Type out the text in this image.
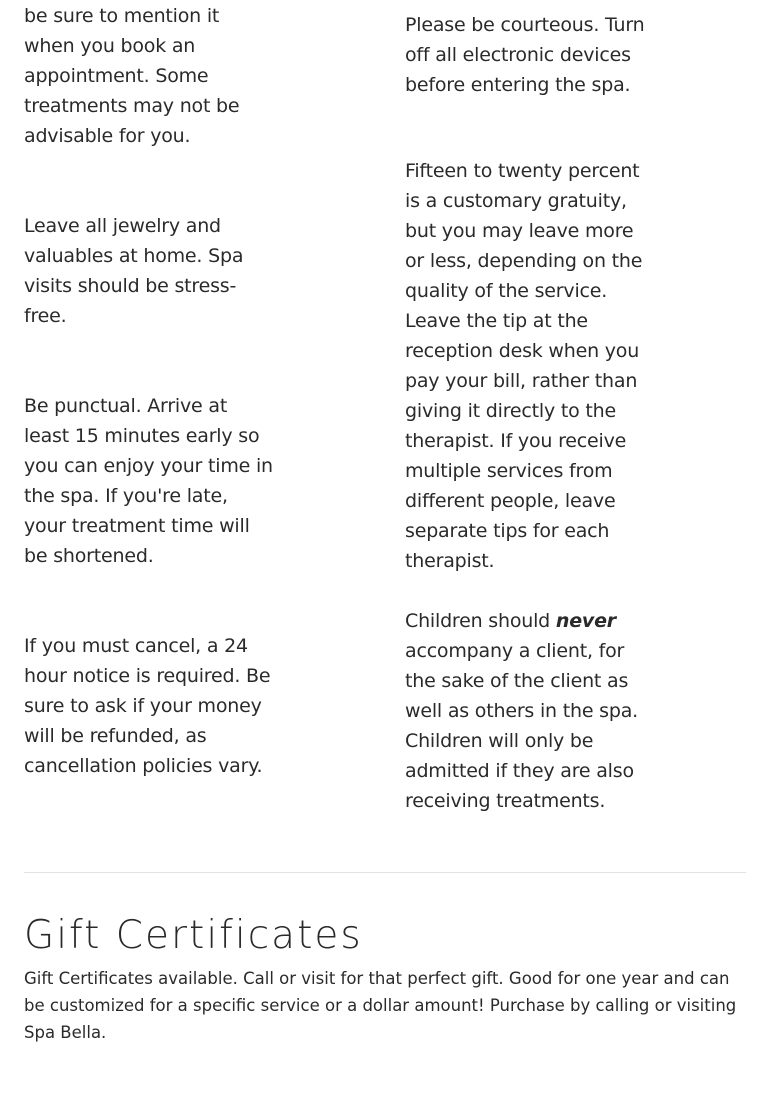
be sure to mention it when you book an appointment. Some treatments may not be advisable for you.

Leave all jewelry and valuables at home. Spa visits should be stress-free.

Be punctual. Arrive at least 15 minutes early so you can enjoy your time in the spa. If you're late, your treatment time will be shortened.

If you must cancel, a 24 hour notice is required. Be sure to ask if your money will be refunded, as cancellation policies vary.

Please be courteous. Turn off all electronic devices before entering the spa.

Fifteen to twenty percent is a customary gratuity, but you may leave more or less, depending on the quality of the service. Leave the tip at the reception desk when you pay your bill, rather than giving it directly to the therapist. If you receive multiple services from different people, leave separate tips for each therapist.

Children should never accompany a client, for the sake of the client as well as others in the spa. Children will only be admitted if they are also receiving treatments.

Gift Certificates

Gift Certificates available. Call or visit for that perfect gift. Good for one year and can be customized for a specific service or a dollar amount! Purchase by calling or visiting Spa Bella.
